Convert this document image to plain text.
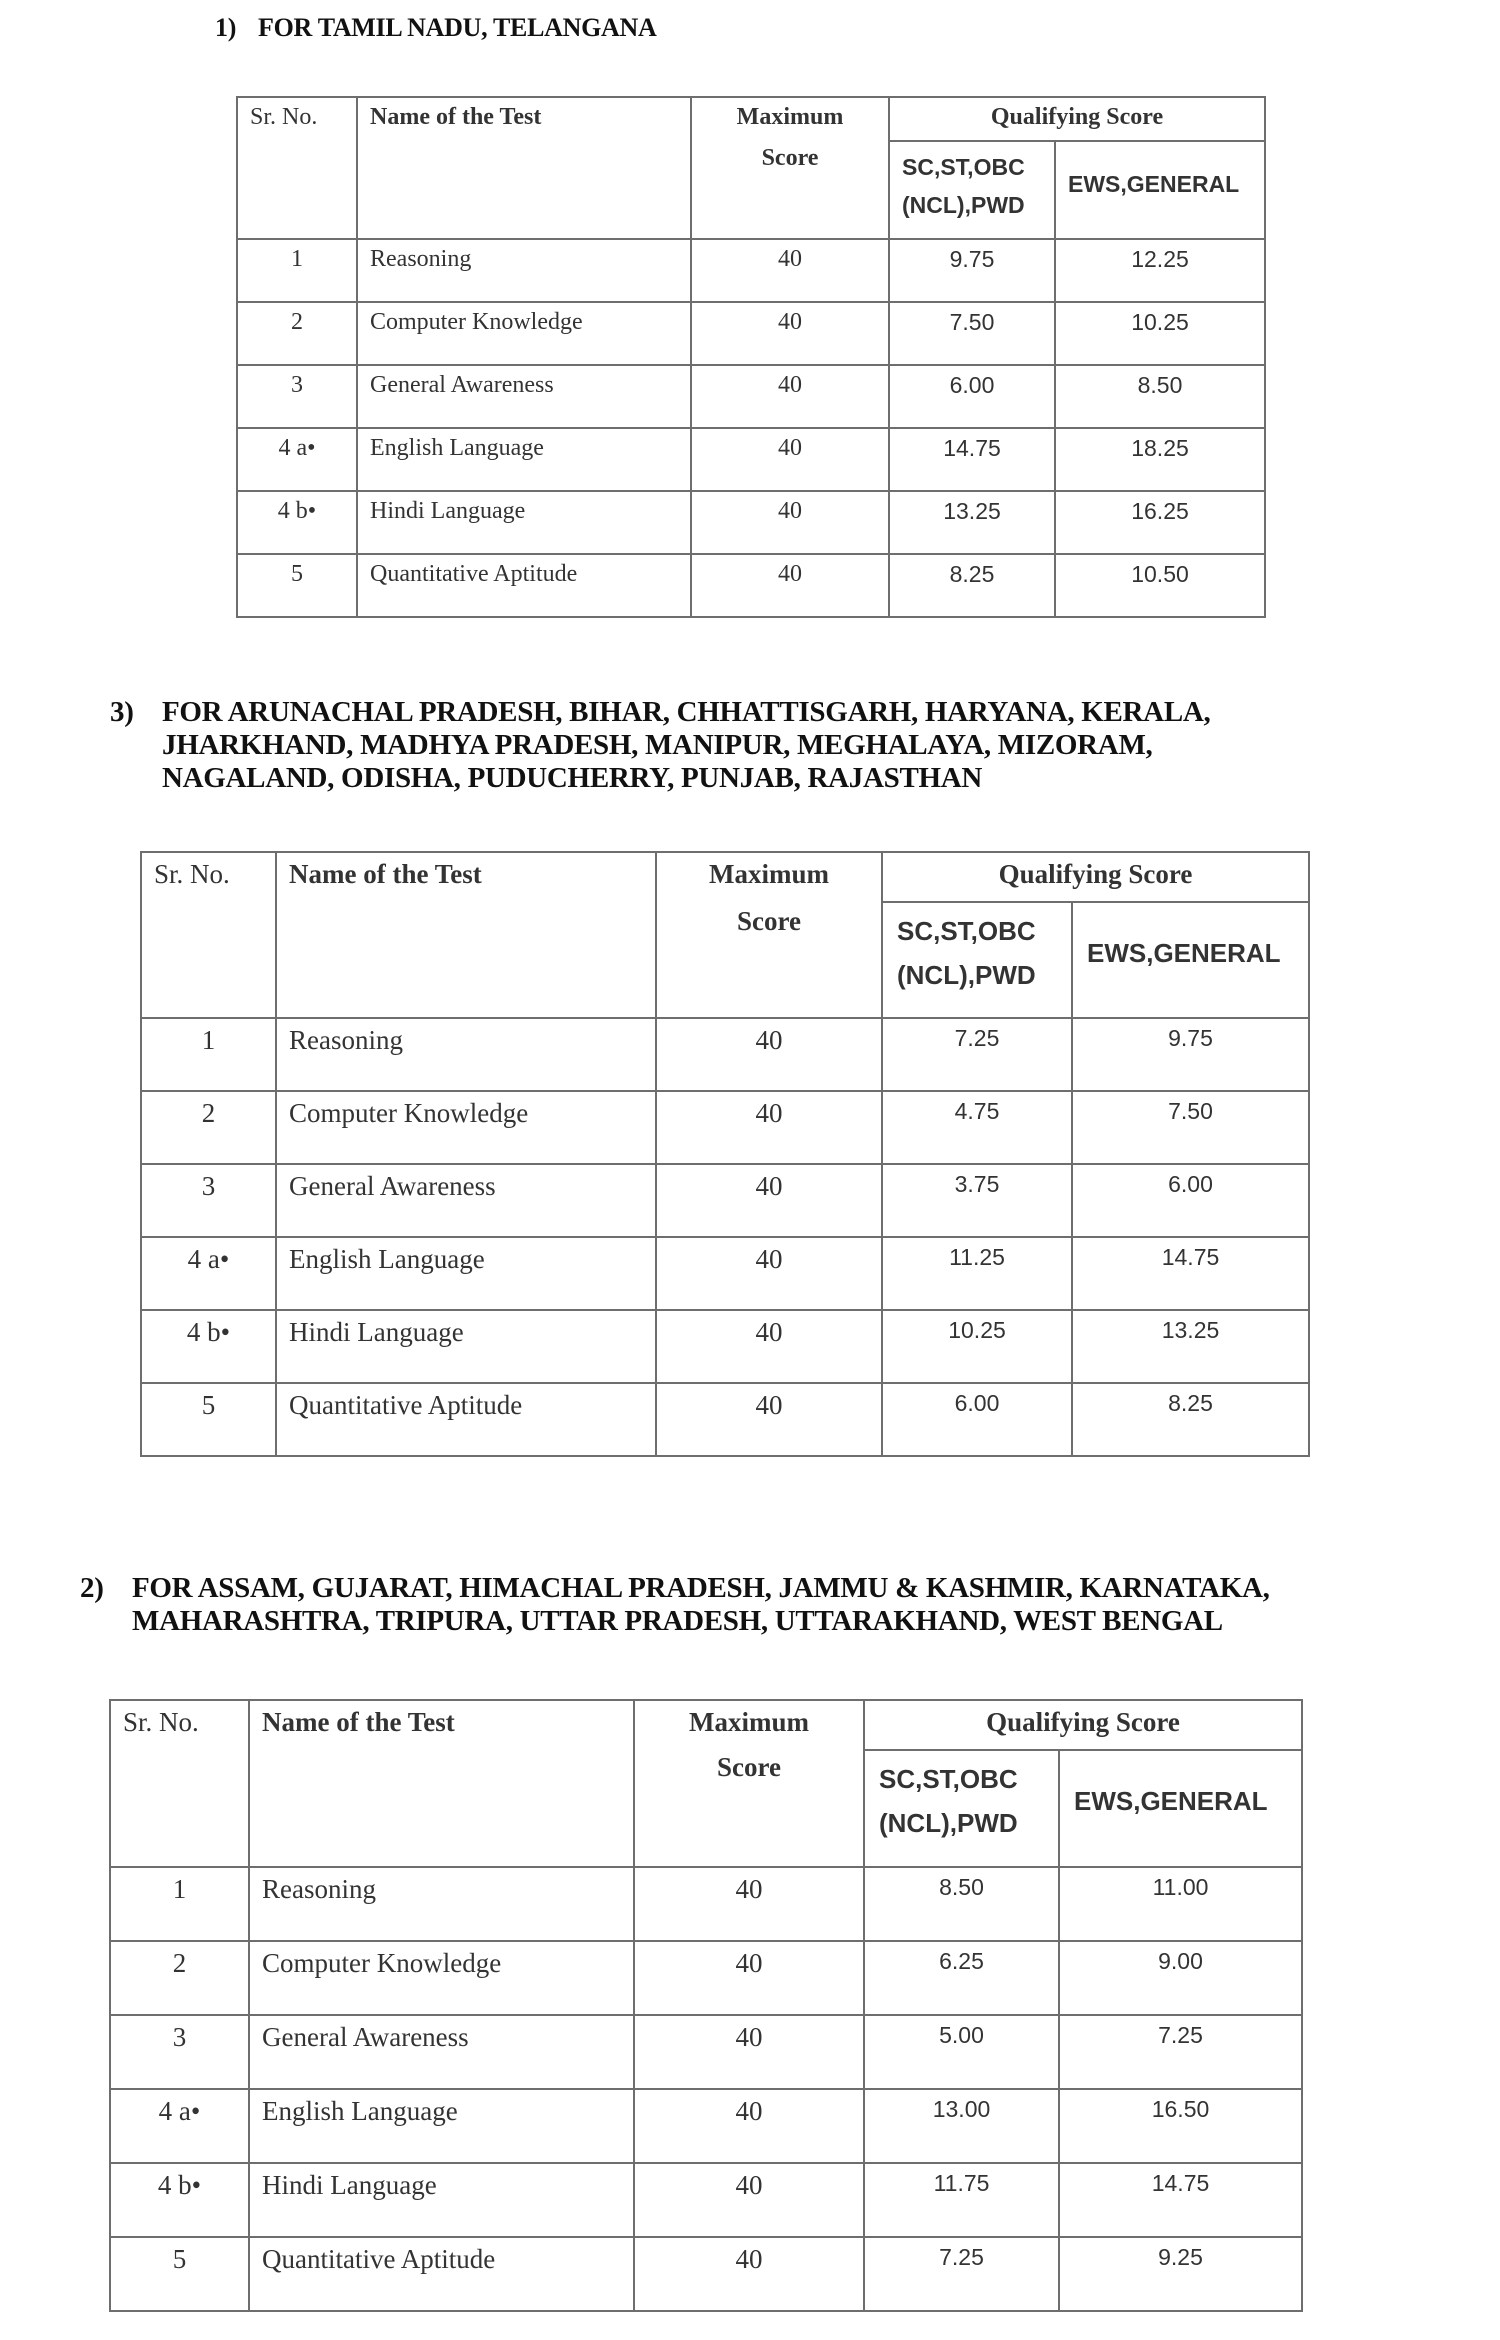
1) FOR TAMIL NADU, TELANGANA
Sr. No.	Name of the Test	Maximum
Score	Qualifying Score	

			SC,ST,OBC
(NCL),PWD	EWS,GENERAL

1	Reasoning	40	9.75	12.25

2	Computer Knowledge	40	7.50	10.25

3	General Awareness	40	6.00	8.50

4 a•	English Language	40	14.75	18.25

4 b•	Hindi Language	40	13.25	16.25

5	Quantitative Aptitude	40	8.25	10.50
3) FOR ARUNACHAL PRADESH, BIHAR, CHHATTISGARH, HARYANA, KERALA,
JHARKHAND, MADHYA PRADESH, MANIPUR, MEGHALAYA, MIZORAM,
NAGALAND, ODISHA, PUDUCHERRY, PUNJAB, RAJASTHAN
Sr. No.	Name of the Test	Maximum
Score	Qualifying Score	

			SC,ST,OBC
(NCL),PWD	EWS,GENERAL

1	Reasoning	40	7.25	9.75

2	Computer Knowledge	40	4.75	7.50

3	General Awareness	40	3.75	6.00

4 a•	English Language	40	11.25	14.75

4 b•	Hindi Language	40	10.25	13.25

5	Quantitative Aptitude	40	6.00	8.25
2) FOR ASSAM, GUJARAT, HIMACHAL PRADESH, JAMMU & KASHMIR, KARNATAKA,
MAHARASHTRA, TRIPURA, UTTAR PRADESH, UTTARAKHAND, WEST BENGAL
Sr. No.	Name of the Test	Maximum
Score	Qualifying Score	

			SC,ST,OBC
(NCL),PWD	EWS,GENERAL

1	Reasoning	40	8.50	11.00

2	Computer Knowledge	40	6.25	9.00

3	General Awareness	40	5.00	7.25

4 a•	English Language	40	13.00	16.50

4 b•	Hindi Language	40	11.75	14.75

5	Quantitative Aptitude	40	7.25	9.25
